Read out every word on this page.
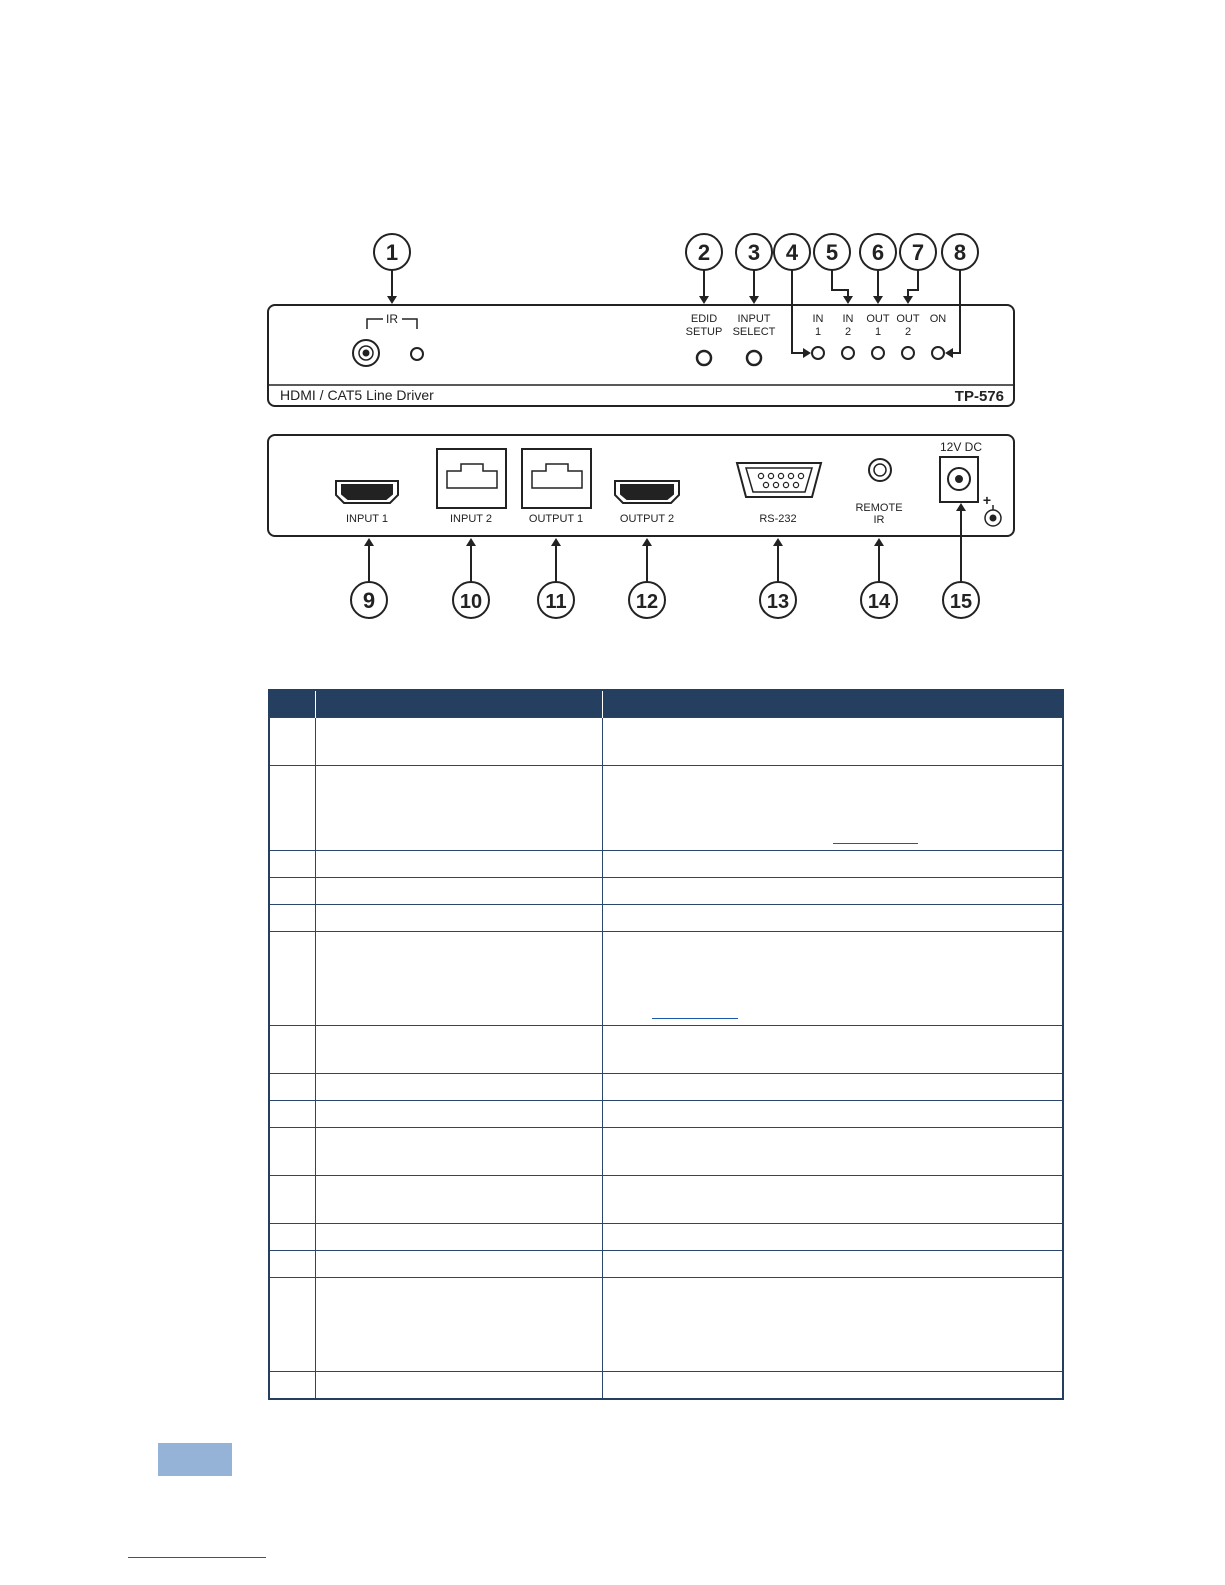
1	2 3 4 5 6 7 8
9	10	11	12	13	14	15
IR	EDID
SETUP
INPUT
SELECT
IN
1
IN
2
OUT
1
OUT
2
ON
INPUT 1	INPUT 2	OUTPUT 1	OUTPUT 2	RS-232
REMOTE
IR
12V DC
+
HDMI / CAT5 Line Driver	TP-576
